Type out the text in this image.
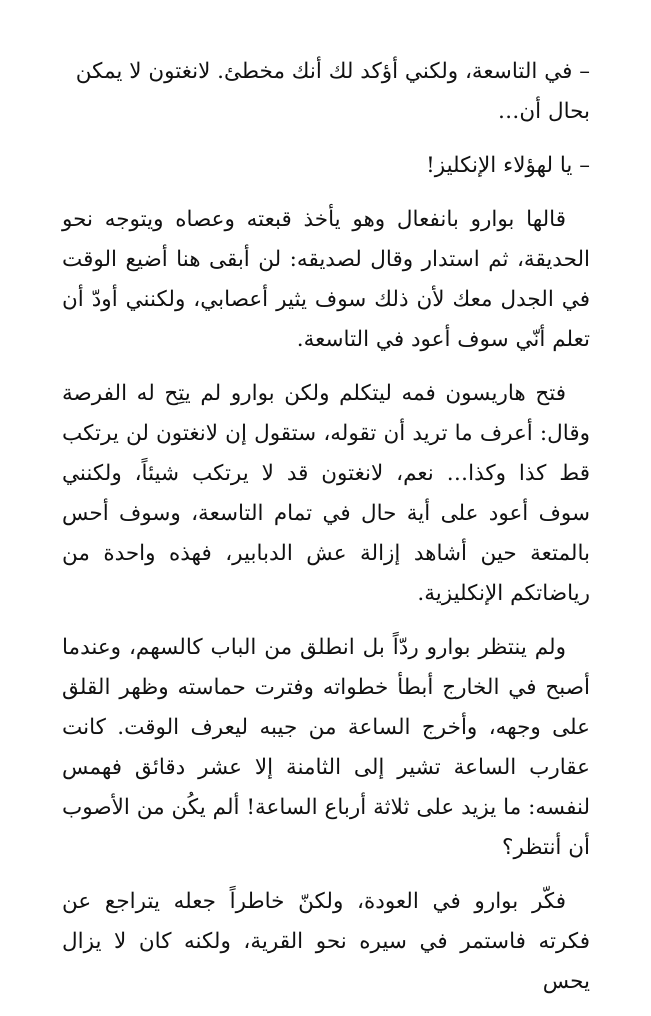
– في التاسعة، ولكني أؤكد لك أنك مخطئ. لانغتون لا يمكن بحال أن…

– يا لهؤلاء الإنكليز!

قالها بوارو بانفعال وهو يأخذ قبعته وعصاه ويتوجه نحو الحديقة، ثم استدار وقال لصديقه: لن أبقى هنا أضيع الوقت في الجدل معك لأن ذلك سوف يثير أعصابي، ولكنني أودّ أن تعلم أنّي سوف أعود في التاسعة.

فتح هاريسون فمه ليتكلم ولكن بوارو لم يتِح له الفرصة وقال: أعرف ما تريد أن تقوله، ستقول إن لانغتون لن يرتكب قط كذا وكذا… نعم، لانغتون قد لا يرتكب شيئاً، ولكنني سوف أعود على أية حال في تمام التاسعة، وسوف أحس بالمتعة حين أشاهد إزالة عش الدبابير، فهذه واحدة من رياضاتكم الإنكليزية.

ولم ينتظر بوارو ردّاً بل انطلق من الباب كالسهم، وعندما أصبح في الخارج أبطأ خطواته وفترت حماسته وظهر القلق على وجهه، وأخرج الساعة من جيبه ليعرف الوقت. كانت عقارب الساعة تشير إلى الثامنة إلا عشر دقائق فهمس لنفسه: ما يزيد على ثلاثة أرباع الساعة! ألم يكُن من الأصوب أن أنتظر؟

فكّر بوارو في العودة، ولكنّ خاطراً جعله يتراجع عن فكرته فاستمر في سيره نحو القرية، ولكنه كان لا يزال يحس
